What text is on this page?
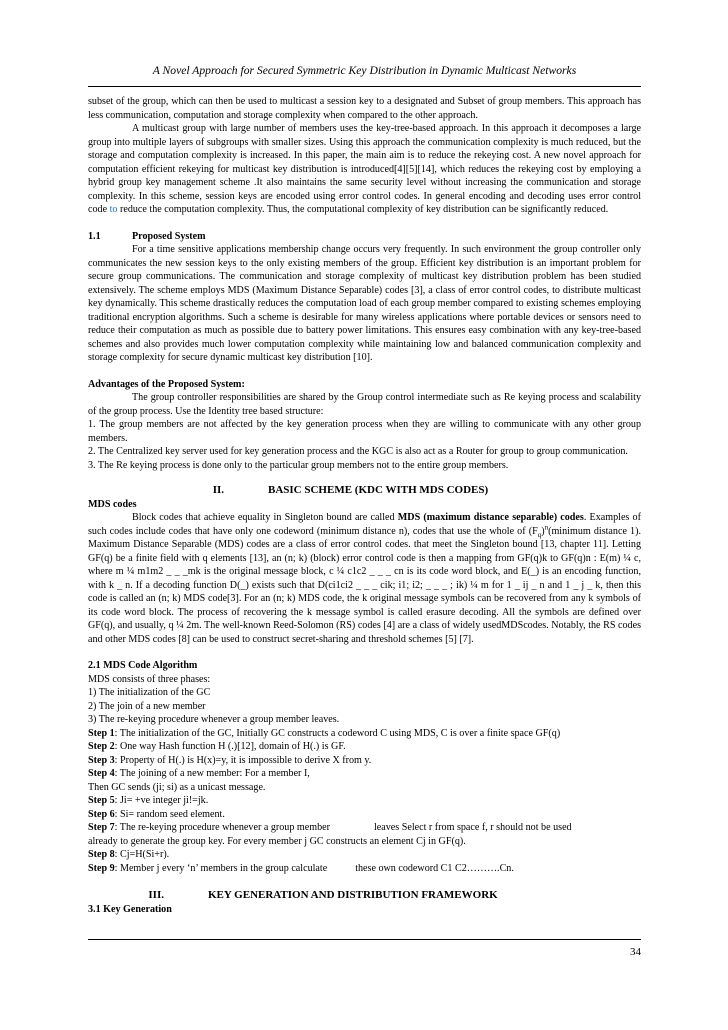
A Novel Approach for Secured Symmetric Key Distribution in Dynamic Multicast Networks

subset of the group, which can then be used to multicast a session key to a designated and Subset of group members. This approach has less communication, computation and storage complexity when compared to the other approach.

A multicast group with large number of members uses the key-tree-based approach. In this approach it decomposes a large group into multiple layers of subgroups with smaller sizes. Using this approach the communication complexity is much reduced, but the storage and computation complexity is increased. In this paper, the main aim is to reduce the rekeying cost. A new novel approach for computation efficient rekeying for multicast key distribution is introduced[4][5][14], which reduces the rekeying cost by employing a hybrid group key management scheme .It also maintains the same security level without increasing the communication and storage complexity. In this scheme, session keys are encoded using error control codes. In general encoding and decoding uses error control code to reduce the computation complexity. Thus, the computational complexity of key distribution can be significantly reduced.

1.1	Proposed System

For a time sensitive applications membership change occurs very frequently. In such environment the group controller only communicates the new session keys to the only existing members of the group. Efficient key distribution is an important problem for secure group communications. The communication and storage complexity of multicast key distribution problem has been studied extensively. The scheme employs MDS (Maximum Distance Separable) codes [3], a class of error control codes, to distribute multicast key dynamically. This scheme drastically reduces the computation load of each group member compared to existing schemes employing traditional encryption algorithms. Such a scheme is desirable for many wireless applications where portable devices or sensors need to reduce their computation as much as possible due to battery power limitations. This ensures easy combination with any key-tree-based schemes and also provides much lower computation complexity while maintaining low and balanced communication complexity and storage complexity for secure dynamic multicast key distribution [10].

Advantages of the Proposed System:

The group controller responsibilities are shared by the Group control intermediate such as Re keying process and scalability of the group process. Use the Identity tree based structure:

1. The group members are not affected by the key generation process when they are willing to communicate with any other group members.

2. The Centralized key server used for key generation process and the KGC is also act as a Router for group to group communication.

3. The Re keying process is done only to the particular group members not to the entire group members.

II.	BASIC SCHEME (KDC WITH MDS CODES)
MDS codes

Block codes that achieve equality in Singleton bound are called MDS (maximum distance separable) codes. Examples of such codes include codes that have only one codeword (minimum distance n), codes that use the whole of $(F_q)^n(minimum$ distance 1). Maximum Distance Separable (MDS) codes are a class of error control codes. that meet the Singleton bound [13, chapter 11]. Letting GF(q) be a finite field with q elements [13], an (n; k) (block) error control code is then a mapping from GF(q)k to GF(q)n : E(m) ¼ c, where m ¼ m1m2 _ _ _mk is the original message block, c ¼ c1c2 _ _ _ cn is its code word block, and E(_) is an encoding function, with k _ n. If a decoding function D(_) exists such that D(ci1ci2 _ _ _ cik; i1; i2; _ _ _ ; ik) ¼ m for 1 _ ij _ n and 1 _ j _ k, then this code is called an (n; k) MDS code[3]. For an (n; k) MDS code, the k original message symbols can be recovered from any k symbols of its code word block. The process of recovering the k message symbol is called erasure decoding. All the symbols are defined over GF(q), and usually, q ¼ 2m. The well-known Reed-Solomon (RS) codes [4] are a class of widely usedMDScodes. Notably, the RS codes and other MDS codes [8] can be used to construct secret-sharing and threshold schemes [5] [7].

2.1 MDS Code Algorithm
MDS consists of three phases:
1) The initialization of the GC
2) The join of a new member
3) The re-keying procedure whenever a group member leaves.
Step 1: The initialization of the GC, Initially GC constructs a codeword C using MDS, C is over a finite space GF(q)
Step 2: One way Hash function H (.)[12], domain of H(.) is GF.
Step 3: Property of H(.) is H(x)=y, it is impossible to derive X from y.
Step 4: The joining of a new member: For a member I,
Then GC sends (ji; si) as a unicast message.
Step 5: Ji= +ve integer ji!=jk.
Step 6: Si= random seed element.
Step 7: The re-keying procedure whenever a group member	leaves Select r from space f, r should not be used
already to generate the group key. For every member j GC constructs an element Cj in GF(q).
Step 8: Cj=H(Si+r).
Step 9: Member j every ‘n’ members in the group calculate	these own codeword C1 C2……….Cn.
III.	KEY GENERATION AND DISTRIBUTION FRAMEWORK
3.1 Key Generation
34
